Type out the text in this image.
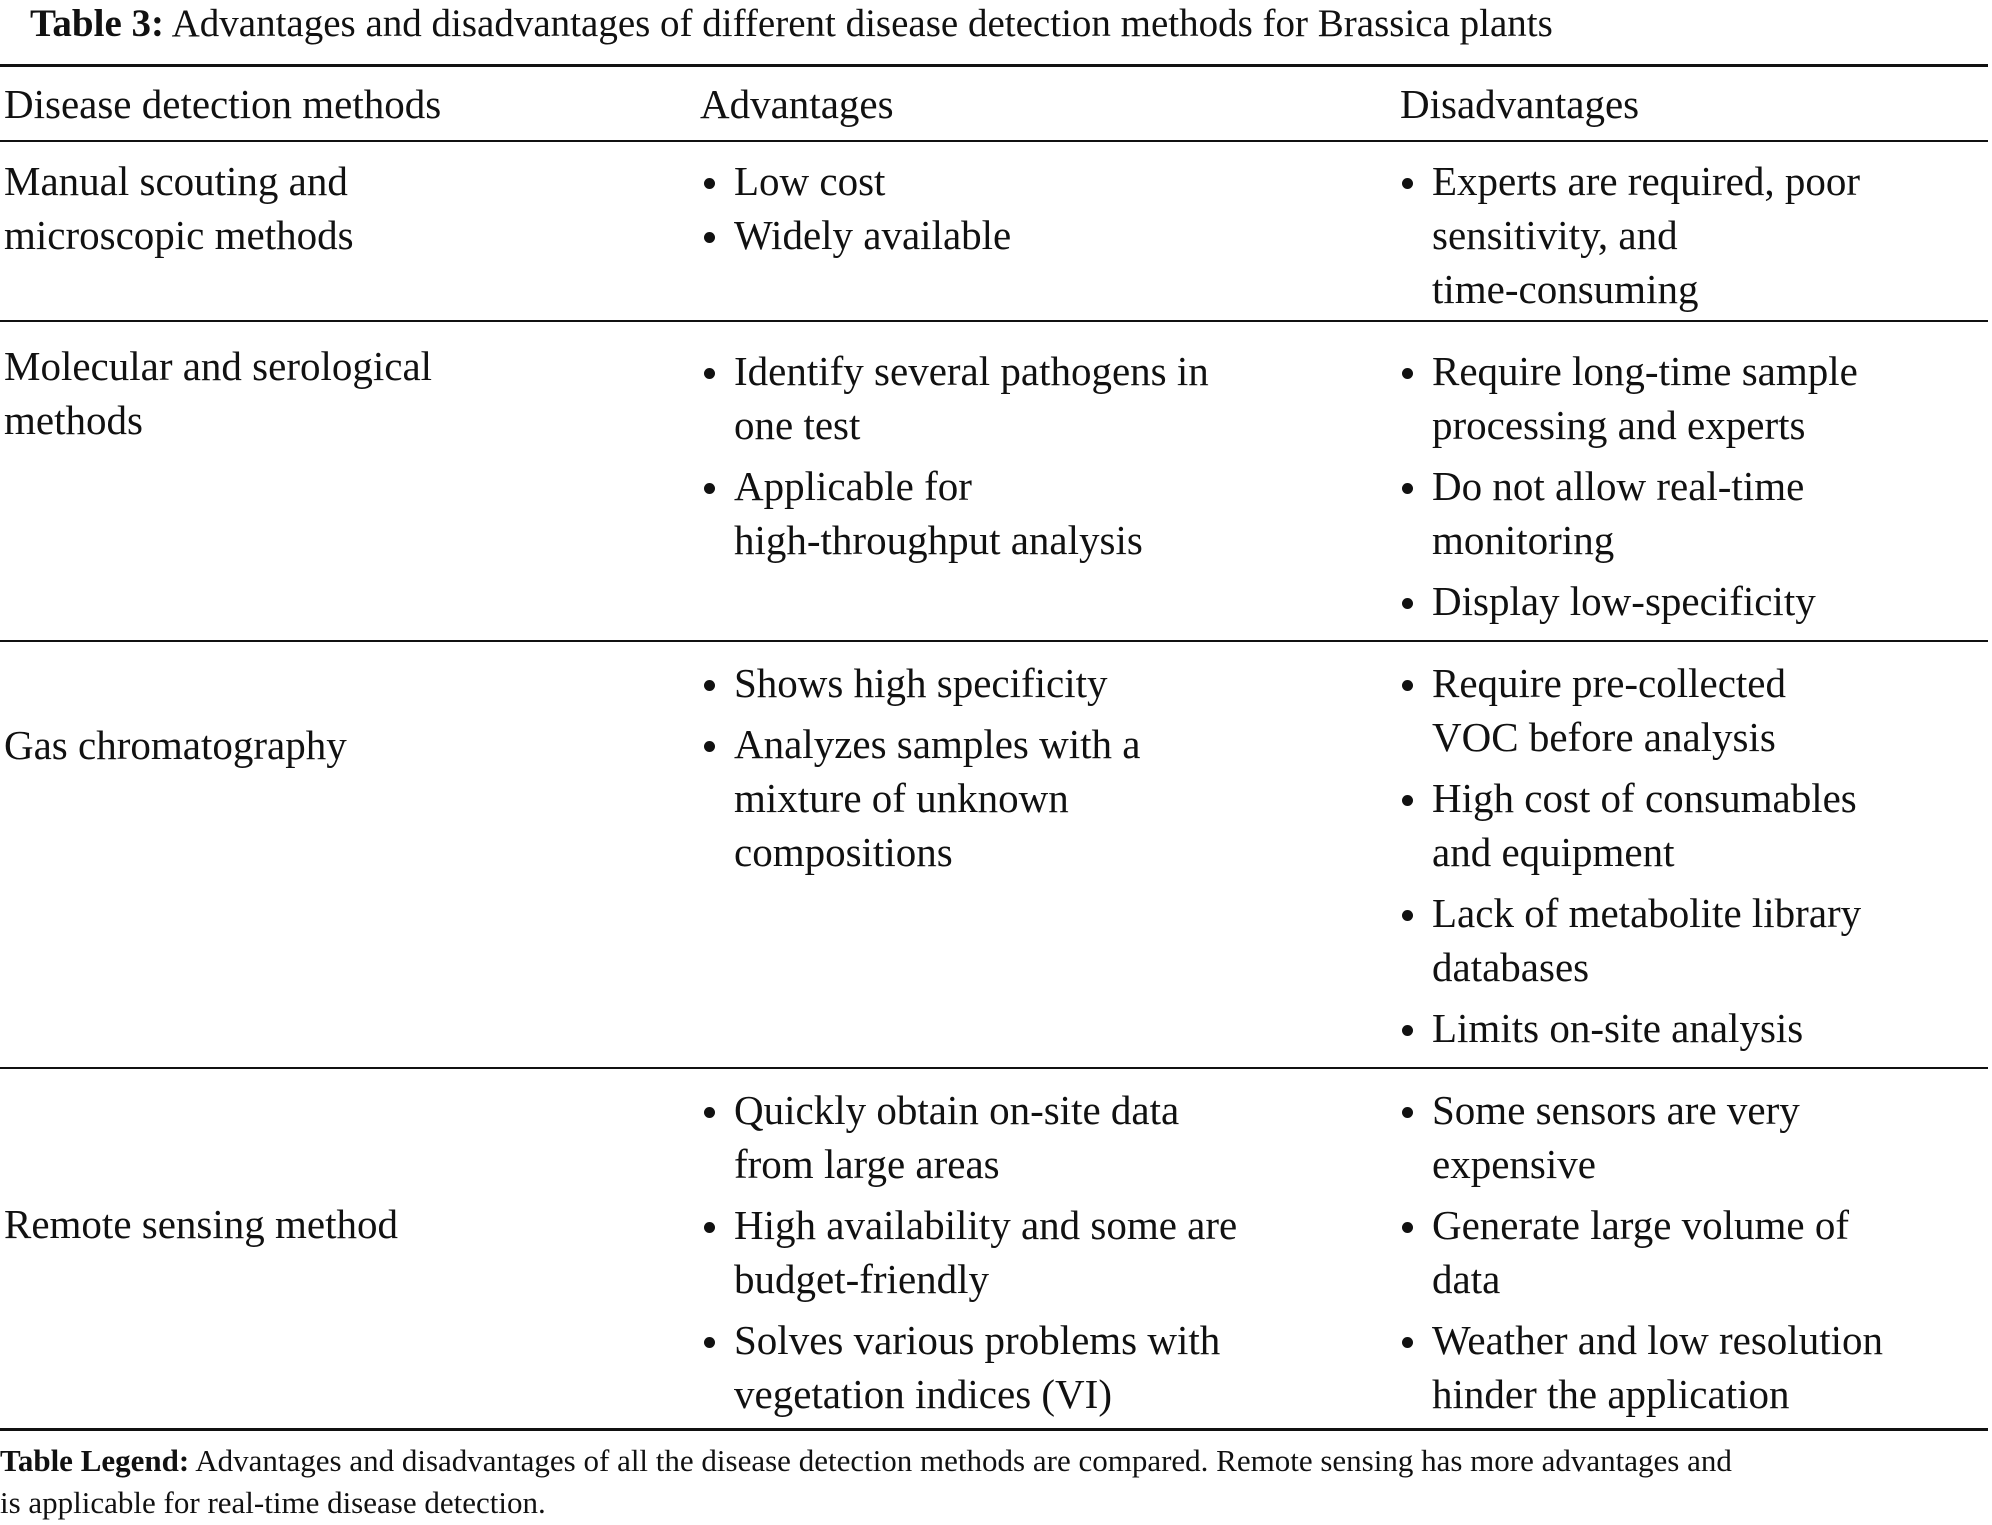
Table 3: Advantages and disadvantages of different disease detection methods for Brassica plants
Disease detection methods	Advantages	Disadvantages
Manual scouting and
microscopic methods
Low cost
Widely available
Experts are required, poor
sensitivity, and
time-consuming
Molecular and serological
methods
Identify several pathogens in
one test
Applicable for
high-throughput analysis
Require long-time sample
processing and experts
Do not allow real-time
monitoring
Display low-specificity
Gas chromatography
Shows high specificity
Analyzes samples with a
mixture of unknown
compositions
Require pre-collected
VOC before analysis
High cost of consumables
and equipment
Lack of metabolite library
databases
Limits on-site analysis
Remote sensing method
Quickly obtain on-site data
from large areas
High availability and some are
budget-friendly
Solves various problems with
vegetation indices (VI)
Some sensors are very
expensive
Generate large volume of
data
Weather and low resolution
hinder the application
Table Legend: Advantages and disadvantages of all the disease detection methods are compared. Remote sensing has more advantages and
is applicable for real-time disease detection.
